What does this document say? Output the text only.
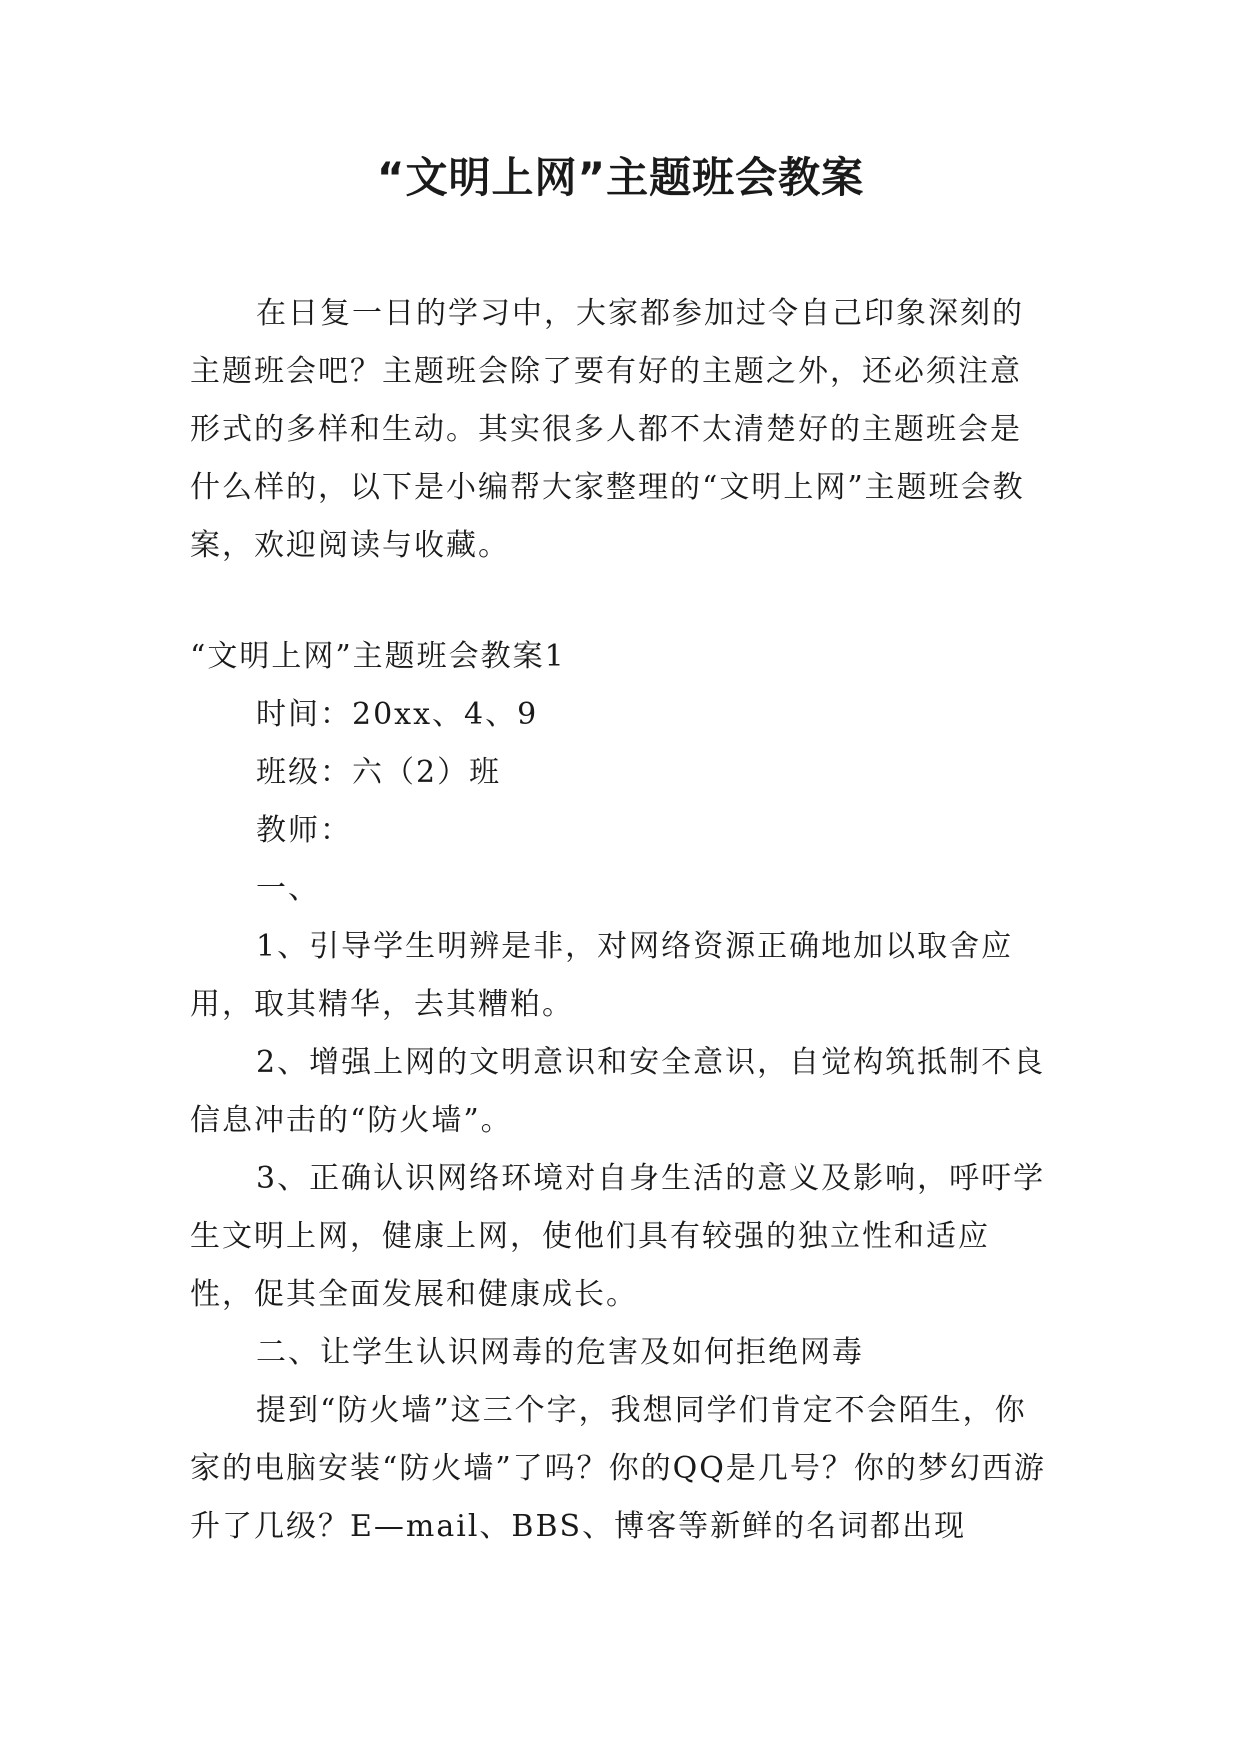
“文明上网”主题班会教案

在日复一日的学习中，大家都参加过令自己印象深刻的主题班会吧？主题班会除了要有好的主题之外，还必须注意形式的多样和生动。其实很多人都不太清楚好的主题班会是什么样的，以下是小编帮大家整理的“文明上网”主题班会教案，欢迎阅读与收藏。

“文明上网”主题班会教案1

时间：20xx、4、9

班级：六（2）班

教师：

一、

1、引导学生明辨是非，对网络资源正确地加以取舍应用，取其精华，去其糟粕。

2、增强上网的文明意识和安全意识，自觉构筑抵制不良信息冲击的“防火墙”。

3、正确认识网络环境对自身生活的意义及影响，呼吁学生文明上网，健康上网，使他们具有较强的独立性和适应性，促其全面发展和健康成长。

二、让学生认识网毒的危害及如何拒绝网毒

提到“防火墙”这三个字，我想同学们肯定不会陌生，你家的电脑安装“防火墙”了吗？你的QQ是几号？你的梦幻西游升了几级？E—mail、BBS、博客等新鲜的名词都出现
